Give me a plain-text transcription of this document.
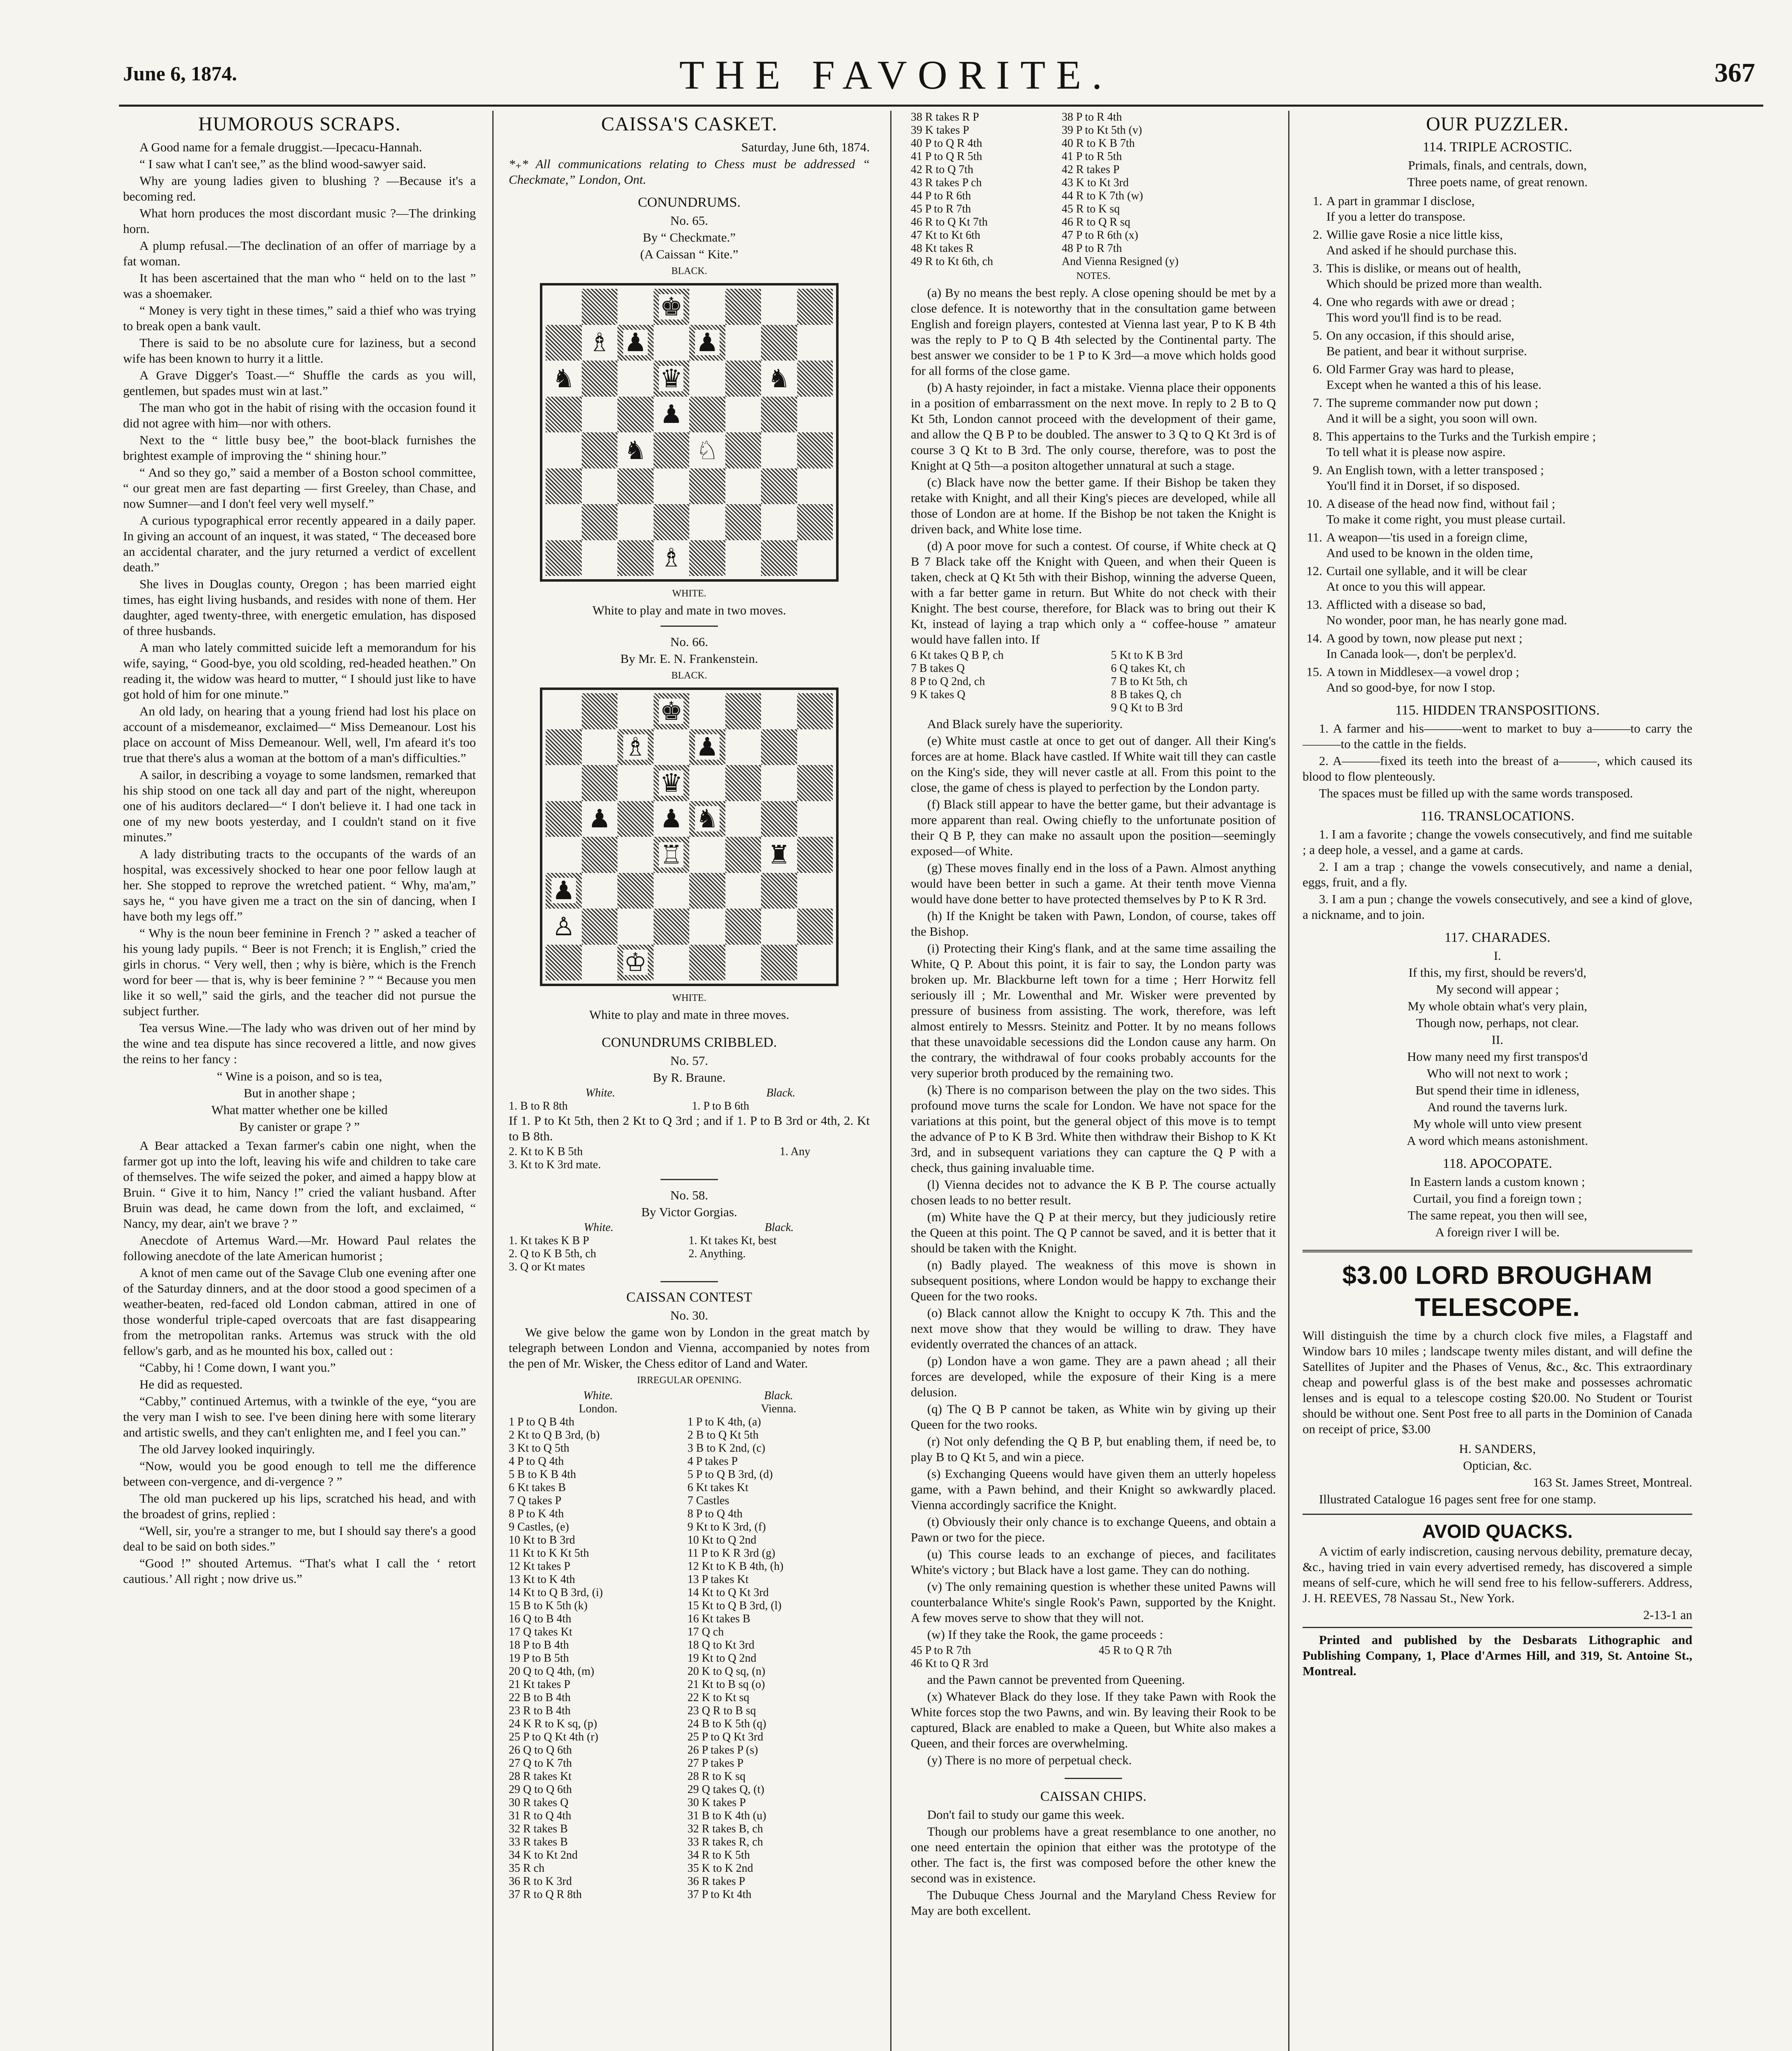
June 6, 1874.	THE FAVORITE.	367
HUMOROUS SCRAPS.

A Good name for a female druggist.—Ipecacu-Hannah.

“ I saw what I can't see,” as the blind wood-sawyer said.

Why are young ladies given to blushing ? —Because it's a becoming red.

What horn produces the most discordant music ?—The drinking horn.

A plump refusal.—The declination of an offer of marriage by a fat woman.

It has been ascertained that the man who “ held on to the last ” was a shoemaker.

“ Money is very tight in these times,” said a thief who was trying to break open a bank vault.

There is said to be no absolute cure for laziness, but a second wife has been known to hurry it a little.

A Grave Digger's Toast.—“ Shuffle the cards as you will, gentlemen, but spades must win at last.”

The man who got in the habit of rising with the occasion found it did not agree with him—nor with others.

Next to the “ little busy bee,” the boot-black furnishes the brightest example of improving the “ shining hour.”

“ And so they go,” said a member of a Boston school committee, “ our great men are fast departing — first Greeley, than Chase, and now Sumner—and I don't feel very well myself.”

A curious typographical error recently appeared in a daily paper. In giving an account of an inquest, it was stated, “ The deceased bore an accidental charater, and the jury returned a verdict of excellent death.”

She lives in Douglas county, Oregon ; has been married eight times, has eight living husbands, and resides with none of them. Her daughter, aged twenty-three, with energetic emulation, has disposed of three husbands.

A man who lately committed suicide left a memorandum for his wife, saying, “ Good-bye, you old scolding, red-headed heathen.” On reading it, the widow was heard to mutter, “ I should just like to have got hold of him for one minute.”

An old lady, on hearing that a young friend had lost his place on account of a misdemeanor, exclaimed—“ Miss Demeanour. Lost his place on account of Miss Demeanour. Well, well, I'm afeard it's too true that there's alus a woman at the bottom of a man's difficulties.”

A sailor, in describing a voyage to some landsmen, remarked that his ship stood on one tack all day and part of the night, whereupon one of his auditors declared—“ I don't believe it. I had one tack in one of my new boots yesterday, and I couldn't stand on it five minutes.”

A lady distributing tracts to the occupants of the wards of an hospital, was excessively shocked to hear one poor fellow laugh at her. She stopped to reprove the wretched patient. “ Why, ma'am,” says he, “ you have given me a tract on the sin of dancing, when I have both my legs off.”

“ Why is the noun beer feminine in French ? ” asked a teacher of his young lady pupils. “ Beer is not French; it is English,” cried the girls in chorus. “ Very well, then ; why is bière, which is the French word for beer — that is, why is beer feminine ? ” “ Because you men like it so well,” said the girls, and the teacher did not pursue the subject further.

Tea versus Wine.—The lady who was driven out of her mind by the wine and tea dispute has since recovered a little, and now gives the reins to her fancy :

“ Wine is a poison, and so is tea,

But in another shape ;

What matter whether one be killed

By canister or grape ? ”

A Bear attacked a Texan farmer's cabin one night, when the farmer got up into the loft, leaving his wife and children to take care of themselves. The wife seized the poker, and aimed a happy blow at Bruin. “ Give it to him, Nancy !” cried the valiant husband. After Bruin was dead, he came down from the loft, and exclaimed, “ Nancy, my dear, ain't we brave ? ”

Anecdote of Artemus Ward.—Mr. Howard Paul relates the following anecdote of the late American humorist ;

A knot of men came out of the Savage Club one evening after one of the Saturday dinners, and at the door stood a good specimen of a weather-beaten, red-faced old London cabman, attired in one of those wonderful triple-caped overcoats that are fast disappearing from the metropolitan ranks. Artemus was struck with the old fellow's garb, and as he mounted his box, called out :

“Cabby, hi ! Come down, I want you.”

He did as requested.

“Cabby,” continued Artemus, with a twinkle of the eye, “you are the very man I wish to see. I've been dining here with some literary and artistic swells, and they can't enlighten me, and I feel you can.”

The old Jarvey looked inquiringly.

“Now, would you be good enough to tell me the difference between con-vergence, and di-vergence ? ”

The old man puckered up his lips, scratched his head, and with the broadest of grins, replied :

“Well, sir, you're a stranger to me, but I should say there's a good deal to be said on both sides.”

“Good !” shouted Artemus. “That's what I call the ‘ retort cautious.’ All right ; now drive us.”

CAISSA'S CASKET.

Saturday, June 6th, 1874.

*₊* All communications relating to Chess must be addressed “ Checkmate,” London, Ont.

CONUNDRUMS.

No. 65.

By “ Checkmate.”

(A Caissan “ Kite.”

BLACK.

♚
♗ ♟ ♟
♞	♛	♞
♟
♞ ♘
♗

WHITE.

White to play and mate in two moves.

No. 66.

By Mr. E. N. Frankenstein.

BLACK.

♚
♗ ♟
♛
♟ ♟ ♞
♖	♜
♟
♙
♔

WHITE.

White to play and mate in three moves.

CONUNDRUMS CRIBBLED.

No. 57.

By R. Braune.

White.	Black.
1. B to R 8th	1. P to B 6th

If 1. P to Kt 5th, then 2 Kt to Q 3rd ; and if 1. P to B 3rd or 4th, 2. Kt to B 8th.

2. Kt to K B 5th	1. Any
3. Kt to K 3rd mate.	

No. 58.

By Victor Gorgias.

White.	Black.
1. Kt takes K B P	1. Kt takes Kt, best
2. Q to K B 5th, ch	2. Anything.
3. Q or Kt mates	
CAISSAN CONTEST

No. 30.

We give below the game won by London in the great match by telegraph between London and Vienna, accompanied by notes from the pen of Mr. Wisker, the Chess editor of Land and Water.

IRREGULAR OPENING.

White.	Black.
London.	Vienna.
1 P to Q B 4th	1 P to K 4th, (a)
2 Kt to Q B 3rd, (b)	2 B to Q Kt 5th
3 Kt to Q 5th	3 B to K 2nd, (c)
4 P to Q 4th	4 P takes P
5 B to K B 4th	5 P to Q B 3rd, (d)
6 Kt takes B	6 Kt takes Kt
7 Q takes P	7 Castles
8 P to K 4th	8 P to Q 4th
9 Castles, (e)	9 Kt to K 3rd, (f)
10 Kt to B 3rd	10 Kt to Q 2nd
11 Kt to K Kt 5th	11 P to K R 3rd (g)
12 Kt takes P	12 Kt to K B 4th, (h)
13 Kt to K 4th	13 P takes Kt
14 Kt to Q B 3rd, (i)	14 Kt to Q Kt 3rd
15 B to K 5th (k)	15 Kt to Q B 3rd, (l)
16 Q to B 4th	16 Kt takes B
17 Q takes Kt	17 Q ch
18 P to B 4th	18 Q to Kt 3rd
19 P to B 5th	19 Kt to Q 2nd
20 Q to Q 4th, (m)	20 K to Q sq, (n)
21 Kt takes P	21 Kt to B sq (o)
22 B to B 4th	22 K to Kt sq
23 R to B 4th	23 Q R to B sq
24 K R to K sq, (p)	24 B to K 5th (q)
25 P to Q Kt 4th (r)	25 P to Q Kt 3rd
26 Q to Q 6th	26 P takes P (s)
27 Q to K 7th	27 P takes P
28 R takes Kt	28 R to K sq
29 Q to Q 6th	29 Q takes Q, (t)
30 R takes Q	30 K takes P
31 R to Q 4th	31 B to K 4th (u)
32 R takes B	32 R takes B, ch
33 R takes B	33 R takes R, ch
34 K to Kt 2nd	34 R to K 5th
35 R ch	35 K to K 2nd
36 R to K 3rd	36 R takes P
37 R to Q R 8th	37 P to Kt 4th
38 R takes R P	38 P to R 4th
39 K takes P	39 P to Kt 5th (v)
40 P to Q R 4th	40 R to K B 7th
41 P to Q R 5th	41 P to R 5th
42 R to Q 7th	42 R takes P
43 R takes P ch	43 K to Kt 3rd
44 P to R 6th	44 R to K 7th (w)
45 P to R 7th	45 R to K sq
46 R to Q Kt 7th	46 R to Q R sq
47 Kt to Kt 6th	47 P to R 6th (x)
48 Kt takes R	48 P to R 7th
49 R to Kt 6th, ch	And Vienna Resigned (y)

NOTES.

(a) By no means the best reply. A close opening should be met by a close defence. It is noteworthy that in the consultation game between English and foreign players, contested at Vienna last year, P to K B 4th was the reply to P to Q B 4th selected by the Continental party. The best answer we consider to be 1 P to K 3rd—a move which holds good for all forms of the close game.

(b) A hasty rejoinder, in fact a mistake. Vienna place their opponents in a position of embarrassment on the next move. In reply to 2 B to Q Kt 5th, London cannot proceed with the development of their game, and allow the Q B P to be doubled. The answer to 3 Q to Q Kt 3rd is of course 3 Q Kt to B 3rd. The only course, therefore, was to post the Knight at Q 5th—a positon altogether unnatural at such a stage.

(c) Black have now the better game. If their Bishop be taken they retake with Knight, and all their King's pieces are developed, while all those of London are at home. If the Bishop be not taken the Knight is driven back, and White lose time.

(d) A poor move for such a contest. Of course, if White check at Q B 7 Black take off the Knight with Queen, and when their Queen is taken, check at Q Kt 5th with their Bishop, winning the adverse Queen, with a far better game in return. But White do not check with their Knight. The best course, therefore, for Black was to bring out their K Kt, instead of laying a trap which only a “ coffee-house ” amateur would have fallen into. If

6 Kt takes Q B P, ch	5 Kt to K B 3rd
7 B takes Q	6 Q takes Kt, ch
8 P to Q 2nd, ch	7 B to Kt 5th, ch
9 K takes Q	8 B takes Q, ch
	9 Q Kt to B 3rd

And Black surely have the superiority.

(e) White must castle at once to get out of danger. All their King's forces are at home. Black have castled. If White wait till they can castle on the King's side, they will never castle at all. From this point to the close, the game of chess is played to perfection by the London party.

(f) Black still appear to have the better game, but their advantage is more apparent than real. Owing chiefly to the unfortunate position of their Q B P, they can make no assault upon the position—seemingly exposed—of White.

(g) These moves finally end in the loss of a Pawn. Almost anything would have been better in such a game. At their tenth move Vienna would have done better to have protected themselves by P to K R 3rd.

(h) If the Knight be taken with Pawn, London, of course, takes off the Bishop.

(i) Protecting their King's flank, and at the same time assailing the White, Q P. About this point, it is fair to say, the London party was broken up. Mr. Blackburne left town for a time ; Herr Horwitz fell seriously ill ; Mr. Lowenthal and Mr. Wisker were prevented by pressure of business from assisting. The work, therefore, was left almost entirely to Messrs. Steinitz and Potter. It by no means follows that these unavoidable secessions did the London cause any harm. On the contrary, the withdrawal of four cooks probably accounts for the very superior broth produced by the remaining two.

(k) There is no comparison between the play on the two sides. This profound move turns the scale for London. We have not space for the variations at this point, but the general object of this move is to tempt the advance of P to K B 3rd. White then withdraw their Bishop to K Kt 3rd, and in subsequent variations they can capture the Q P with a check, thus gaining invaluable time.

(l) Vienna decides not to advance the K B P. The course actually chosen leads to no better result.

(m) White have the Q P at their mercy, but they judiciously retire the Queen at this point. The Q P cannot be saved, and it is better that it should be taken with the Knight.

(n) Badly played. The weakness of this move is shown in subsequent positions, where London would be happy to exchange their Queen for the two rooks.

(o) Black cannot allow the Knight to occupy K 7th. This and the next move show that they would be willing to draw. They have evidently overrated the chances of an attack.

(p) London have a won game. They are a pawn ahead ; all their forces are developed, while the exposure of their King is a mere delusion.

(q) The Q B P cannot be taken, as White win by giving up their Queen for the two rooks.

(r) Not only defending the Q B P, but enabling them, if need be, to play B to Q Kt 5, and win a piece.

(s) Exchanging Queens would have given them an utterly hopeless game, with a Pawn behind, and their Knight so awkwardly placed. Vienna accordingly sacrifice the Knight.

(t) Obviously their only chance is to exchange Queens, and obtain a Pawn or two for the piece.

(u) This course leads to an exchange of pieces, and facilitates White's victory ; but Black have a lost game. They can do nothing.

(v) The only remaining question is whether these united Pawns will counterbalance White's single Rook's Pawn, supported by the Knight. A few moves serve to show that they will not.

(w) If they take the Rook, the game proceeds :

45 P to R 7th	45 R to Q R 7th
46 Kt to Q R 3rd	

and the Pawn cannot be prevented from Queening.

(x) Whatever Black do they lose. If they take Pawn with Rook the White forces stop the two Pawns, and win. By leaving their Rook to be captured, Black are enabled to make a Queen, but White also makes a Queen, and their forces are overwhelming.

(y) There is no more of perpetual check.

CAISSAN CHIPS.

Don't fail to study our game this week.

Though our problems have a great resemblance to one another, no one need entertain the opinion that either was the prototype of the other. The fact is, the first was composed before the other knew the second was in existence.

The Dubuque Chess Journal and the Maryland Chess Review for May are both excellent.

OUR PUZZLER.
114. TRIPLE ACROSTIC.

Primals, finals, and centrals, down,

Three poets name, of great renown.

1. A part in grammar I disclose,
If you a letter do transpose.
2. Willie gave Rosie a nice little kiss,
And asked if he should purchase this.
3. This is dislike, or means out of health,
Which should be prized more than wealth.
4. One who regards with awe or dread ;
This word you'll find is to be read.
5. On any occasion, if this should arise,
Be patient, and bear it without surprise.
6. Old Farmer Gray was hard to please,
Except when he wanted a this of his lease.
7. The supreme commander now put down ;
And it will be a sight, you soon will own.
8. This appertains to the Turks and the Turkish empire ;
To tell what it is please now aspire.
9. An English town, with a letter transposed ;
You'll find it in Dorset, if so disposed.
10. A disease of the head now find, without fail ;
To make it come right, you must please curtail.
11. A weapon—'tis used in a foreign clime,
And used to be known in the olden time,
12. Curtail one syllable, and it will be clear
At once to you this will appear.
13. Afflicted with a disease so bad,
No wonder, poor man, he has nearly gone mad.
14. A good by town, now please put next ;
In Canada look—, don't be perplex'd.
15. A town in Middlesex—a vowel drop ;
And so good-bye, for now I stop.
115. HIDDEN TRANSPOSITIONS.

1. A farmer and his———went to market to buy a———to carry the———to the cattle in the fields.

2. A———fixed its teeth into the breast of a———, which caused its blood to flow plenteously.

The spaces must be filled up with the same words transposed.

116. TRANSLOCATIONS.

1. I am a favorite ; change the vowels consecutively, and find me suitable ; a deep hole, a vessel, and a game at cards.

2. I am a trap ; change the vowels consecutively, and name a denial, eggs, fruit, and a fly.

3. I am a pun ; change the vowels consecutively, and see a kind of glove, a nickname, and to join.

117. CHARADES.

I.

If this, my first, should be revers'd,

My second will appear ;

My whole obtain what's very plain,

Though now, perhaps, not clear.

II.

How many need my first transpos'd

Who will not next to work ;

But spend their time in idleness,

And round the taverns lurk.

My whole will unto view present

A word which means astonishment.

118. APOCOPATE.

In Eastern lands a custom known ;

Curtail, you find a foreign town ;

The same repeat, you then will see,

A foreign river I will be.

$3.00 LORD BROUGHAM
TELESCOPE.

Will distinguish the time by a church clock five miles, a Flagstaff and Window bars 10 miles ; landscape twenty miles distant, and will define the Satellites of Jupiter and the Phases of Venus, &c., &c. This extraordinary cheap and powerful glass is of the best make and possesses achromatic lenses and is equal to a telescope costing $20.00. No Student or Tourist should be without one. Sent Post free to all parts in the Dominion of Canada on receipt of price, $3.00

H. SANDERS,

Optician, &c.

163 St. James Street, Montreal.

Illustrated Catalogue 16 pages sent free for one stamp.

AVOID QUACKS.

A victim of early indiscretion, causing nervous debility, premature decay, &c., having tried in vain every advertised remedy, has discovered a simple means of self-cure, which he will send free to his fellow-sufferers. Address, J. H. REEVES, 78 Nassau St., New York.

2-13-1 an

Printed and published by the Desbarats Lithographic and Publishing Company, 1, Place d'Armes Hill, and 319, St. Antoine St., Montreal.
